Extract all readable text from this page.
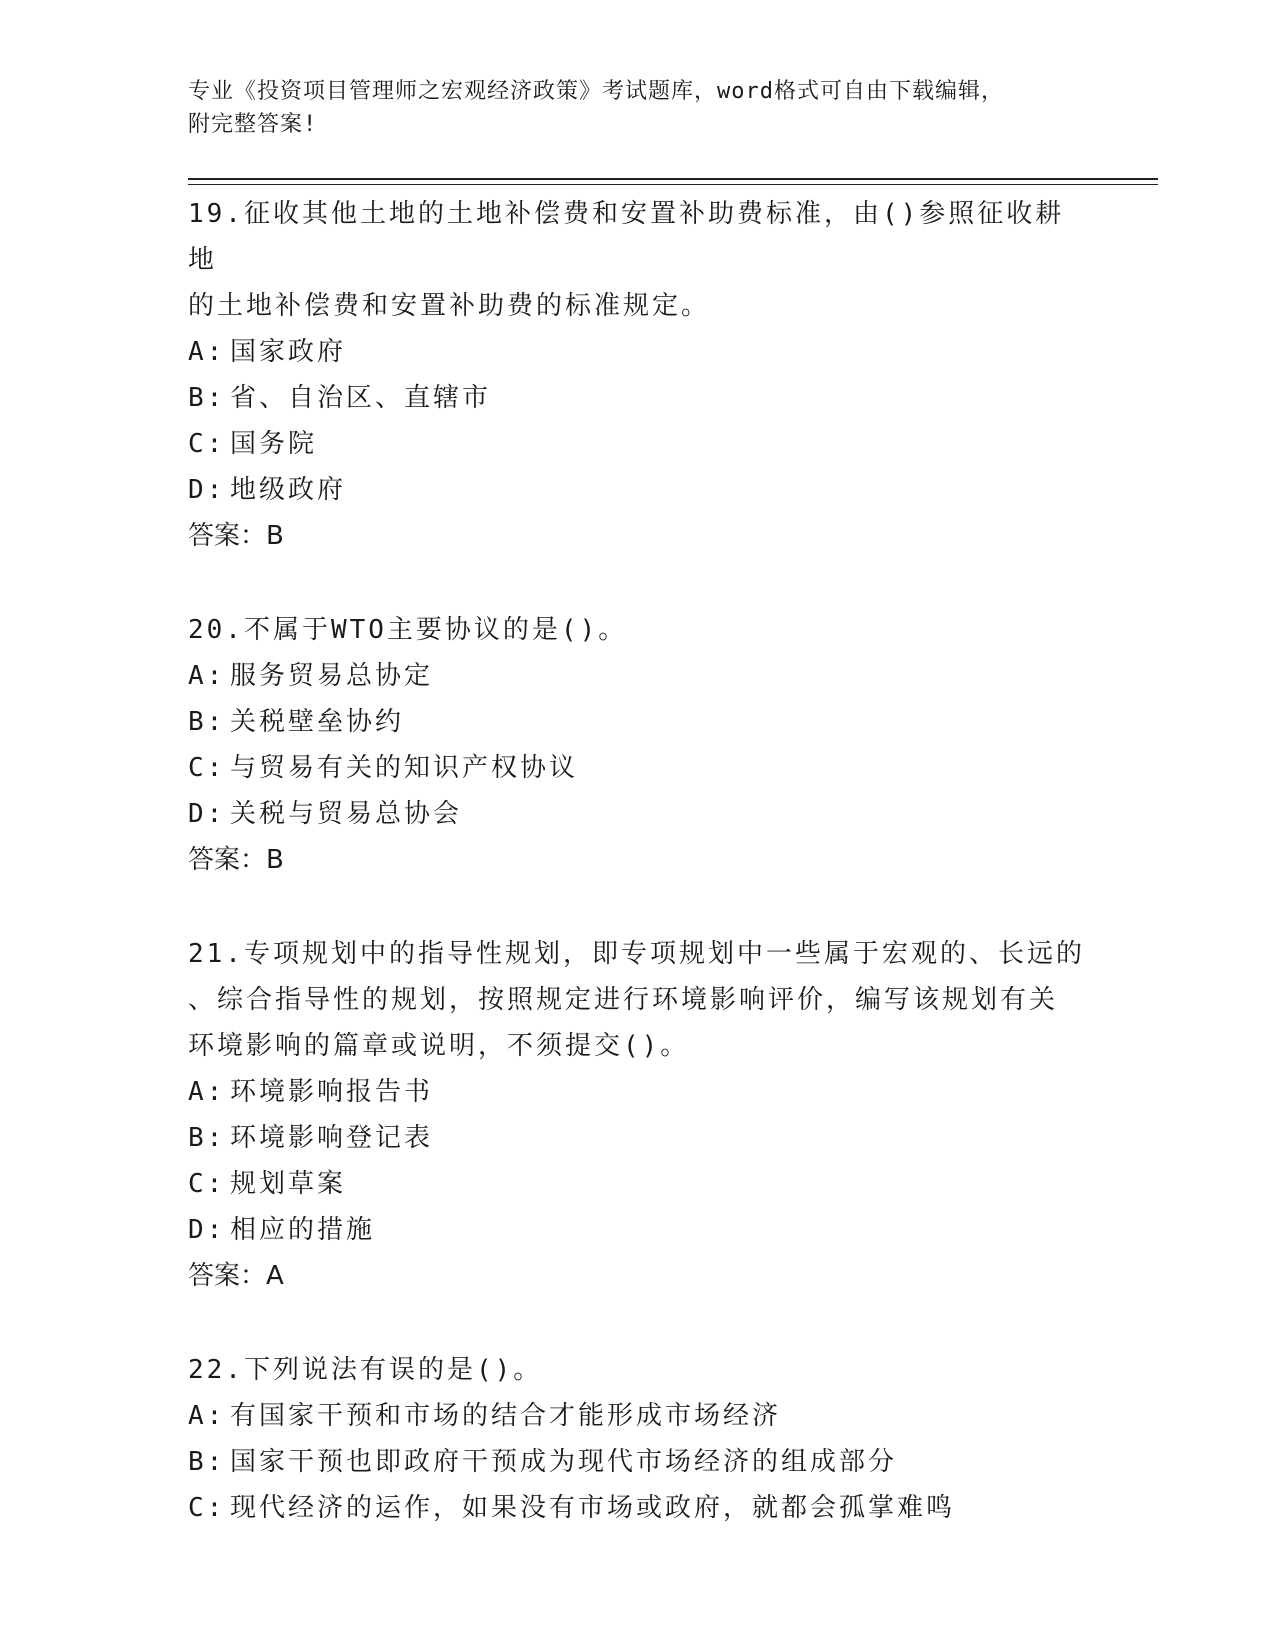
专业《投资项目管理师之宏观经济政策》考试题库，word格式可自由下载编辑，
附完整答案!
19.征收其他土地的土地补偿费和安置补助费标准，由()参照征收耕地
的土地补偿费和安置补助费的标准规定。
A: 国家政府
B: 省、自治区、直辖市
C: 国务院
D: 地级政府
答案：B
20.不属于WTO主要协议的是()。
A: 服务贸易总协定
B: 关税壁垒协约
C: 与贸易有关的知识产权协议
D: 关税与贸易总协会
答案：B
21.专项规划中的指导性规划，即专项规划中一些属于宏观的、长远的
、综合指导性的规划，按照规定进行环境影响评价，编写该规划有关
环境影响的篇章或说明，不须提交()。
A: 环境影响报告书
B: 环境影响登记表
C: 规划草案
D: 相应的措施
答案：A
22.下列说法有误的是()。
A: 有国家干预和市场的结合才能形成市场经济
B: 国家干预也即政府干预成为现代市场经济的组成部分
C: 现代经济的运作，如果没有市场或政府，就都会孤掌难鸣
